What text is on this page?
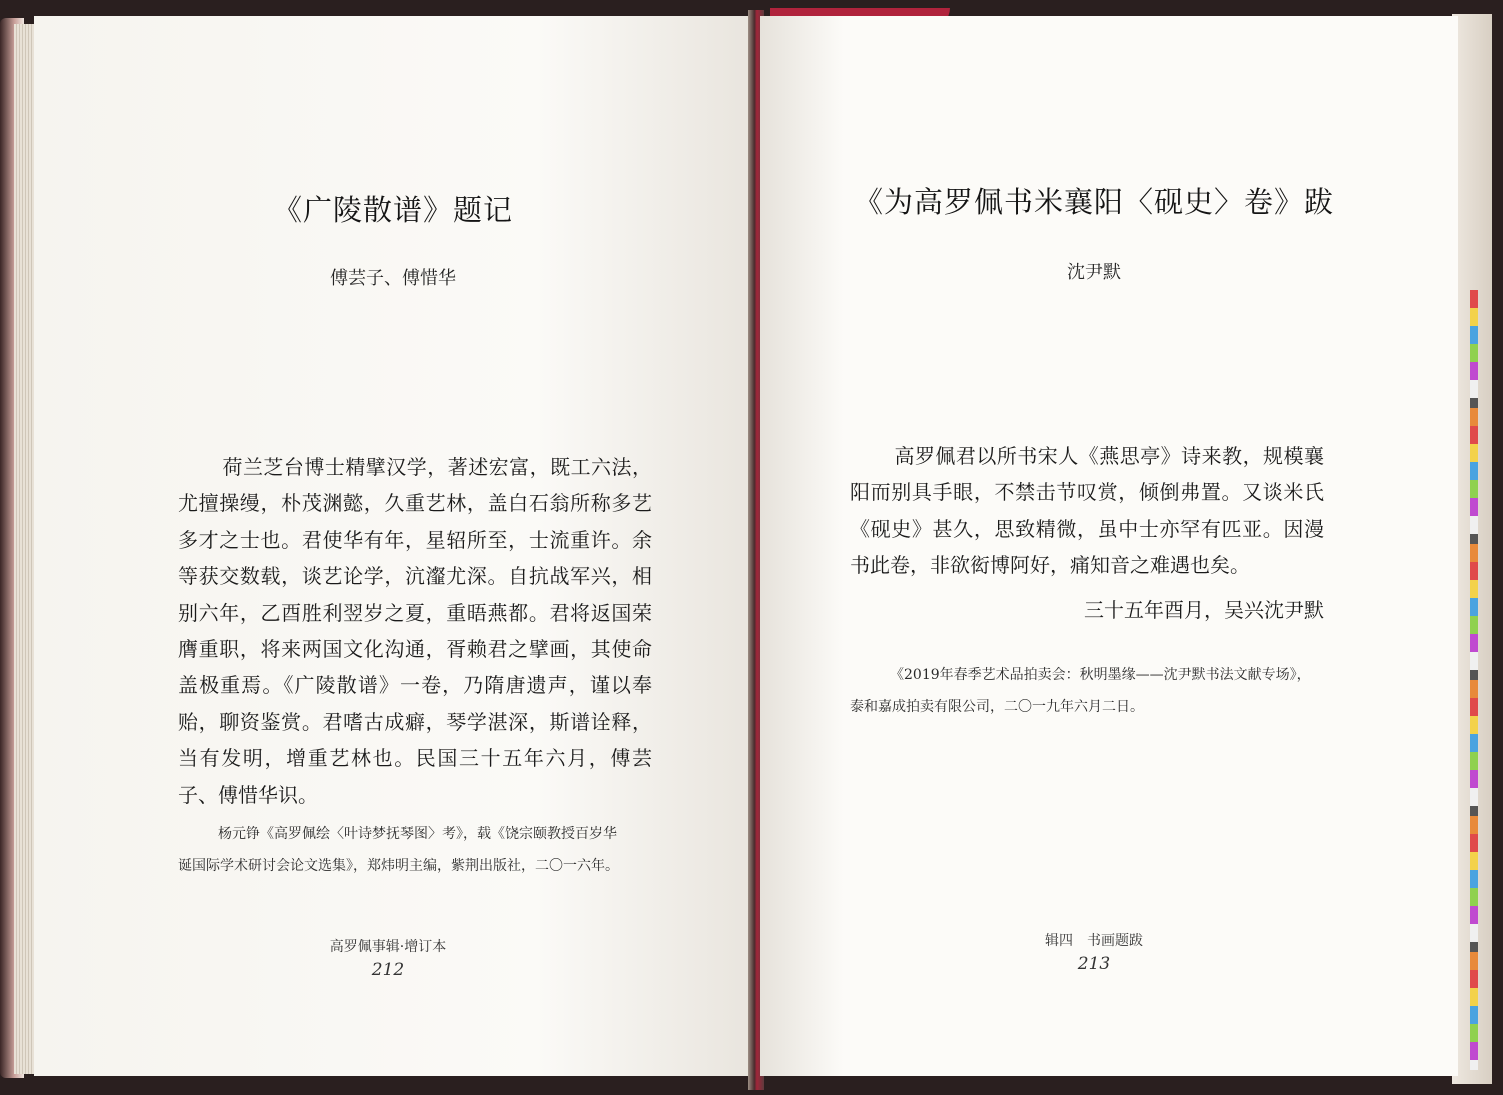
《广陵散谱》题记
傅芸子、傅惜华

荷兰芝台博士精擘汉学，著述宏富，既工六法，尤擅操缦，朴茂渊懿，久重艺林，盖白石翁所称多艺多才之士也。君使华有年，星轺所至，士流重许。余等获交数载，谈艺论学，沆瀣尤深。自抗战军兴，相别六年，乙酉胜利翌岁之夏，重晤燕都。君将返国荣膺重职，将来两国文化沟通，胥赖君之擘画，其使命盖极重焉。《广陵散谱》一卷，乃隋唐遗声，谨以奉贻，聊资鉴赏。君嗜古成癖，琴学湛深，斯谱诠释，当有发明，增重艺林也。民国三十五年六月，傅芸子、傅惜华识。

杨元铮《高罗佩绘〈叶诗梦抚琴图〉考》，载《饶宗颐教授百岁华
诞国际学术研讨会论文选集》，郑炜明主编，紫荆出版社，二〇一六年。

高罗佩事辑·增订本
212
《为高罗佩书米襄阳〈砚史〉卷》跋
沈尹默

高罗佩君以所书宋人《燕思亭》诗来教，规模襄阳而别具手眼，不禁击节叹赏，倾倒弗置。又谈米氏《砚史》甚久，思致精微，虽中士亦罕有匹亚。因漫书此卷，非欲衒博阿好，痛知音之难遇也矣。

三十五年酉月，吴兴沈尹默

《2019年春季艺术品拍卖会：秋明墨缘——沈尹默书法文献专场》，
泰和嘉成拍卖有限公司，二〇一九年六月二日。

辑四　书画题跋
213
